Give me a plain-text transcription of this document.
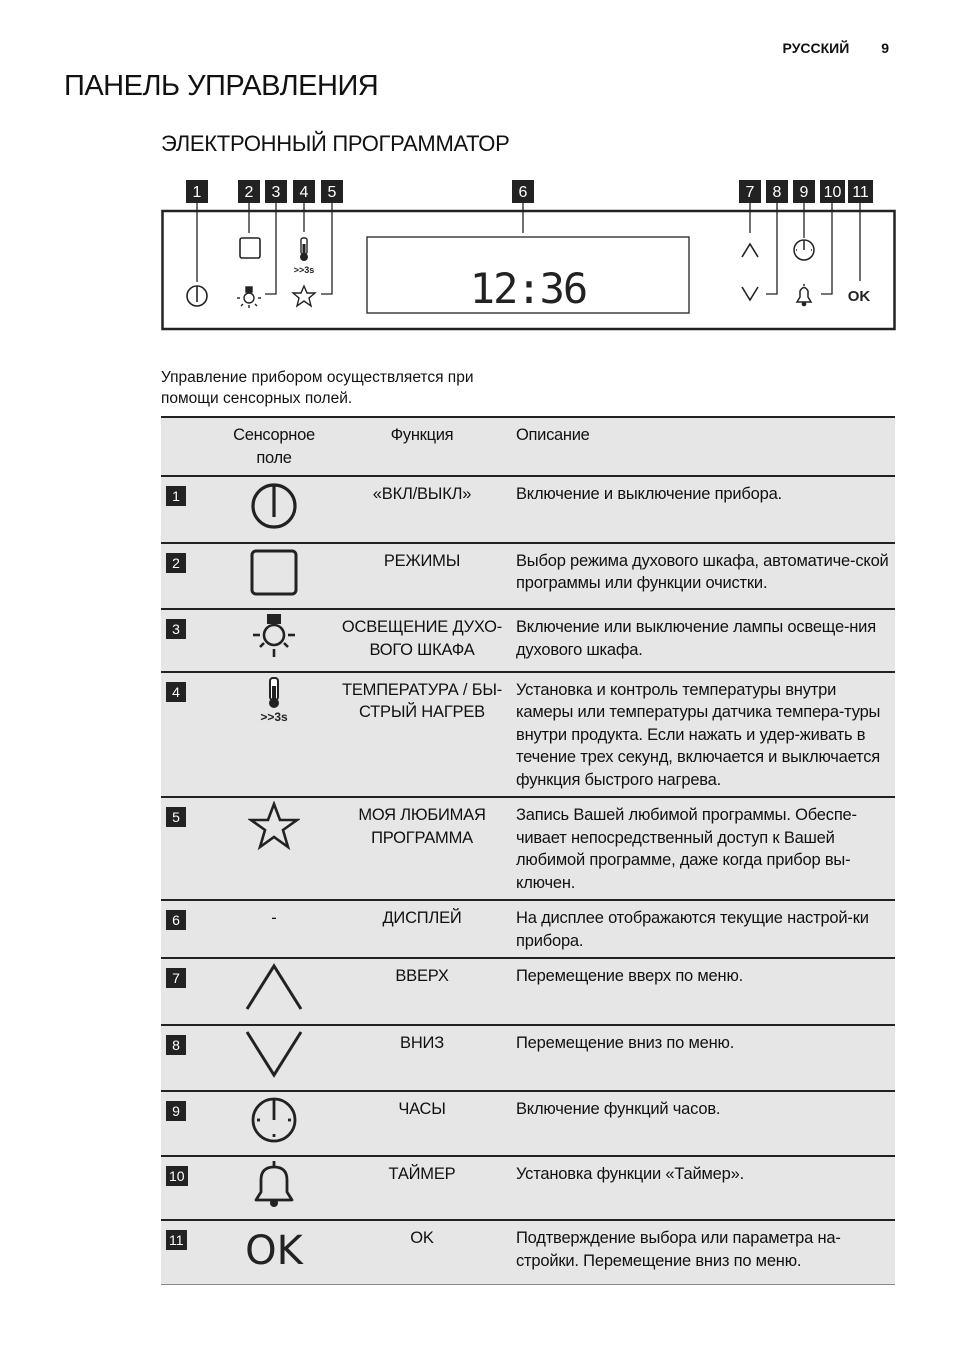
РУССКИЙ 9
ПАНЕЛЬ УПРАВЛЕНИЯ
ЭЛЕКТРОННЫЙ ПРОГРАММАТОР
1	2 3 4 5	6	7 8 9 10 11
>>3s	12:36	OK
Управление прибором осуществляется при помощи сенсорных полей.
	Сенсорное поле	Функция	Описание
1		«ВКЛ/ВЫКЛ»	Включение и выключение прибора.
2		РЕЖИМЫ	Выбор режима духового шкафа, автоматиче-ской программы или функции очистки.
3		ОСВЕЩЕНИЕ ДУХО-ВОГО ШКАФА	Включение или выключение лампы освеще-ния духового шкафа.
4	>>3s	ТЕМПЕРАТУРА / БЫ-СТРЫЙ НАГРЕВ	Установка и контроль температуры внутри камеры или температуры датчика темпера-туры внутри продукта. Если нажать и удер-живать в течение трех секунд, включается и выключается функция быстрого нагрева.
5		МОЯ ЛЮБИМАЯ ПРОГРАММА	Запись Вашей любимой программы. Обеспе-чивает непосредственный доступ к Вашей любимой программе, даже когда прибор вы-ключен.
6	-	ДИСПЛЕЙ	На дисплее отображаются текущие настрой-ки прибора.
7		ВВЕРХ	Перемещение вверх по меню.
8		ВНИЗ	Перемещение вниз по меню.
9		ЧАСЫ	Включение функций часов.
10		ТАЙМЕР	Установка функции «Таймер».
11	OK	OK	Подтверждение выбора или параметра на-стройки. Перемещение вниз по меню.
